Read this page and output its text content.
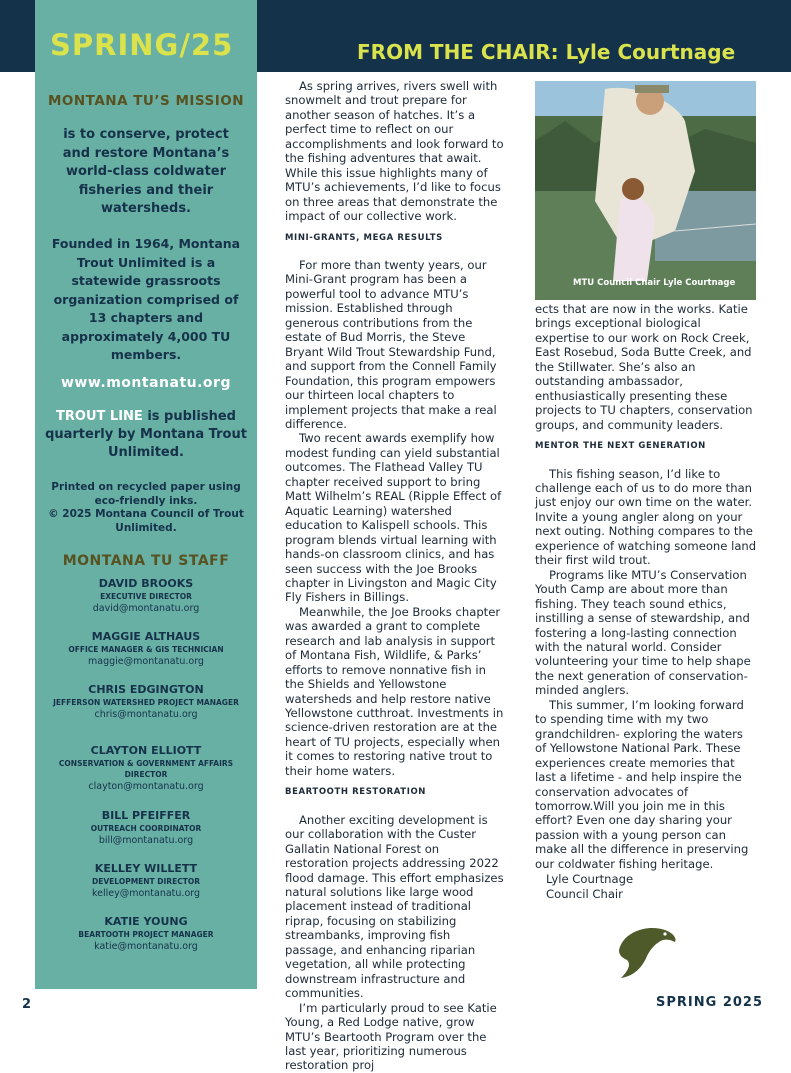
SPRING/25	FROM THE CHAIR: Lyle Courtnage
MONTANA TU’S MISSION
is to conserve, protect and restore Montana’s world-class coldwater fisheries and their watersheds.
Founded in 1964, Montana Trout Unlimited is a statewide grassroots organization comprised of 13 chapters and approximately 4,000 TU members.
www.montanatu.org
TROUT LINE is published quarterly by Montana Trout Unlimited.
Printed on recycled paper using eco-friendly inks.
© 2025 Montana Council of Trout Unlimited.
MONTANA TU STAFF
DAVID BROOKS
EXECUTIVE DIRECTOR
david@montanatu.org
MAGGIE ALTHAUS
OFFICE MANAGER & GIS TECHNICIAN
maggie@montanatu.org
CHRIS EDGINGTON
JEFFERSON WATERSHED PROJECT MANAGER
chris@montanatu.org
CLAYTON ELLIOTT
CONSERVATION & GOVERNMENT AFFAIRS DIRECTOR
clayton@montanatu.org
BILL PFEIFFER
OUTREACH COORDINATOR
bill@montanatu.org
KELLEY WILLETT
DEVELOPMENT DIRECTOR
kelley@montanatu.org
KATIE YOUNG
BEARTOOTH PROJECT MANAGER
katie@montanatu.org

As spring arrives, rivers swell with snowmelt and trout prepare for another season of hatches. It’s a perfect time to reflect on our accomplishments and look forward to the fishing adventures that await. While this issue highlights many of MTU’s achievements, I’d like to focus on three areas that demonstrate the impact of our collective work.

MINI-GRANTS, MEGA RESULTS

For more than twenty years, our Mini-Grant program has been a powerful tool to advance MTU’s mission. Established through generous contributions from the estate of Bud Morris, the Steve Bryant Wild Trout Stewardship Fund, and support from the Connell Family Foundation, this program empowers our thirteen local chapters to implement projects that make a real difference.

Two recent awards exemplify how modest funding can yield substantial outcomes. The Flathead Valley TU chapter received support to bring Matt Wilhelm’s REAL (Ripple Effect of Aquatic Learning) watershed education to Kalispell schools. This program blends virtual learning with hands-on classroom clinics, and has seen success with the Joe Brooks chapter in Livingston and Magic City Fly Fishers in Billings.

Meanwhile, the Joe Brooks chapter was awarded a grant to complete research and lab analysis in support of Montana Fish, Wildlife, & Parks’ efforts to remove nonnative fish in the Shields and Yellowstone watersheds and help restore native Yellowstone cutthroat. Investments in science-driven restoration are at the heart of TU projects, especially when it comes to restoring native trout to their home waters.

BEARTOOTH RESTORATION

Another exciting development is our collaboration with the Custer Gallatin National Forest on restoration projects addressing 2022 flood damage. This effort emphasizes natural solutions like large wood placement instead of traditional riprap, focusing on stabilizing streambanks, improving fish passage, and enhancing riparian vegetation, all while protecting downstream infrastructure and communities.

I’m particularly proud to see Katie Young, a Red Lodge native, grow MTU’s Beartooth Program over the last year, prioritizing numerous restoration proj

MTU Council Chair Lyle Courtnage

ects that are now in the works. Katie brings exceptional biological expertise to our work on Rock Creek, East Rosebud, Soda Butte Creek, and the Stillwater. She’s also an outstanding ambassador, enthusiastically presenting these projects to TU chapters, conservation groups, and community leaders.

MENTOR THE NEXT GENERATION

This fishing season, I’d like to challenge each of us to do more than just enjoy our own time on the water. Invite a young angler along on your next outing. Nothing compares to the experience of watching someone land their first wild trout.

Programs like MTU’s Conservation Youth Camp are about more than fishing. They teach sound ethics, instilling a sense of stewardship, and fostering a long-lasting connection with the natural world. Consider volunteering your time to help shape the next generation of conservation-minded anglers.

This summer, I’m looking forward to spending time with my two grandchildren- exploring the waters of Yellowstone National Park. These experiences create memories that last a lifetime - and help inspire the conservation advocates of tomorrow.Will you join me in this effort? Even one day sharing your passion with a young person can make all the difference in preserving our coldwater fishing heritage.

Lyle Courtnage
Council Chair
2	SPRING 2025
